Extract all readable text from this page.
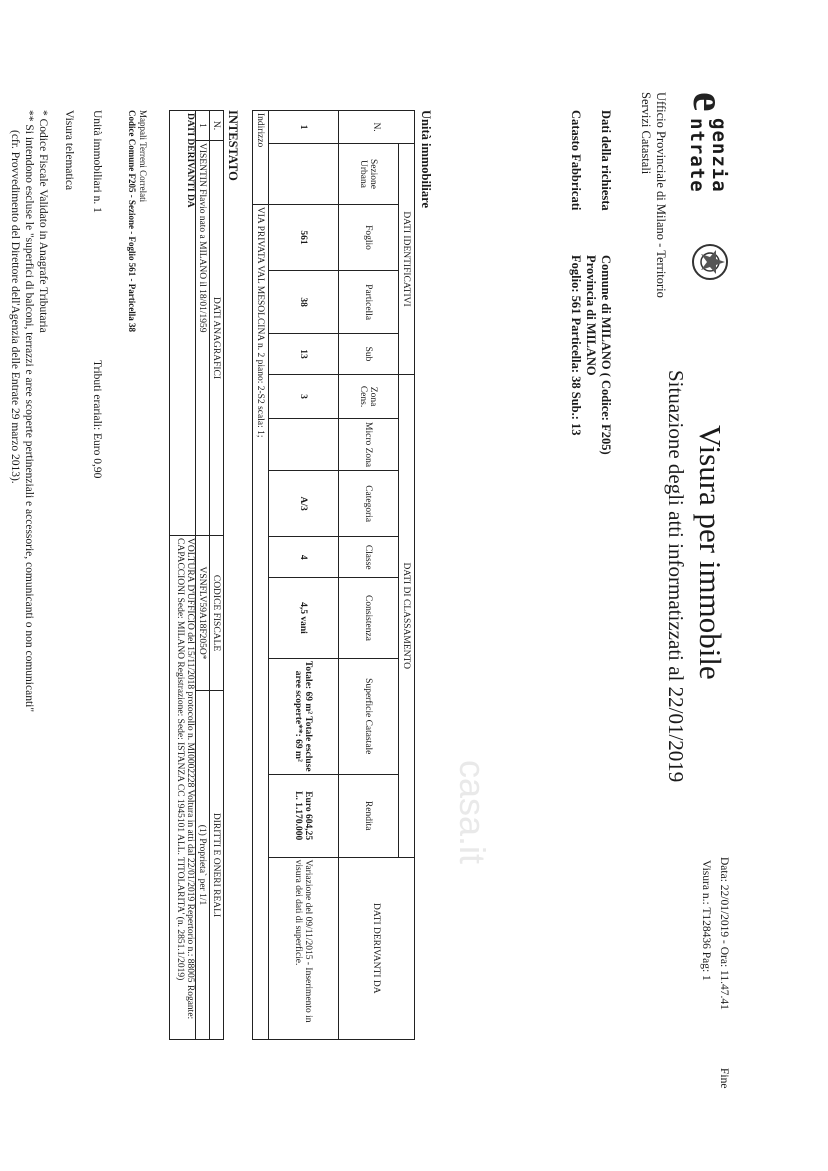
e
genzia
ntrate
Ufficio Provinciale di Milano - Territorio
Servizi Catastali
Visura per immobile
Situazione degli atti informatizzati al 22/01/2019
Data: 22/01/2019 - Ora: 11.47.41
Fine
Visura n.: T128436 Pag: 1
Dati della richiesta
Comune di MILANO ( Codice: F205)
Provincia di MILANO
Catasto Fabbricati
Foglio: 561 Particella: 38 Sub.: 13
Unità immobiliare
N.	DATI IDENTIFICATIVI				DATI DI CLASSAMENTO							DATI DERIVANTI DA
	Sezione Urbana	Foglio	Particella	Sub	Zona Cens.	Micro Zona	Categoria	Classe	Consistenza	Superficie Catastale	Rendita	
1		561	38	13	3		A/3	4	4,5 vani	Totale: 69 m² Totale escluse aree scoperte**: 69 m²	Euro 604,25
L. 1.170.000	Variazione del 09/11/2015 - Inserimento in visura dei dati di superficie.
Indirizzo		VIA PRIVATA VAL MESOLCINA n. 2 piano: 2-S2 scala: 1;										
INTESTATO
N.	DATI ANAGRAFICI	CODICE FISCALE	DIRITTI E ONERI REALI
1	VISENTIN Flavio nato a MILANO il 18/01/1959	VSNFLV59A18F205O*	(1) Proprieta` per 1/1
DATI DERIVANTI DA		VOLTURA D'UFFICIO del 15/11/2018 protocollo n. MI0002228 Voltura in atti dal 22/01/2019 Repertorio n.: 88005 Rogante: CAPACCIONI Sede: MILANO Registrazione: Sede: ISTANZA CC 1945101 ALL. TITOLARITA' (n. 2851.1/2019)	
Mappali Terreni Correlati
Codice Comune F205 - Sezione - Foglio 561 - Particella 38
Unità immobiliari n. 1
Tributi erariali: Euro 0,90
Visura telematica
* Codice Fiscale Validato in Anagrafe Tributaria
** Si intendono escluse le "superfici di balconi, terrazzi e aree scoperte pertinenziali e accessorie, comunicanti o non comunicanti"
(cfr. Provvedimento del Direttore dell'Agenzia delle Entrate 29 marzo 2013).
casa.it
